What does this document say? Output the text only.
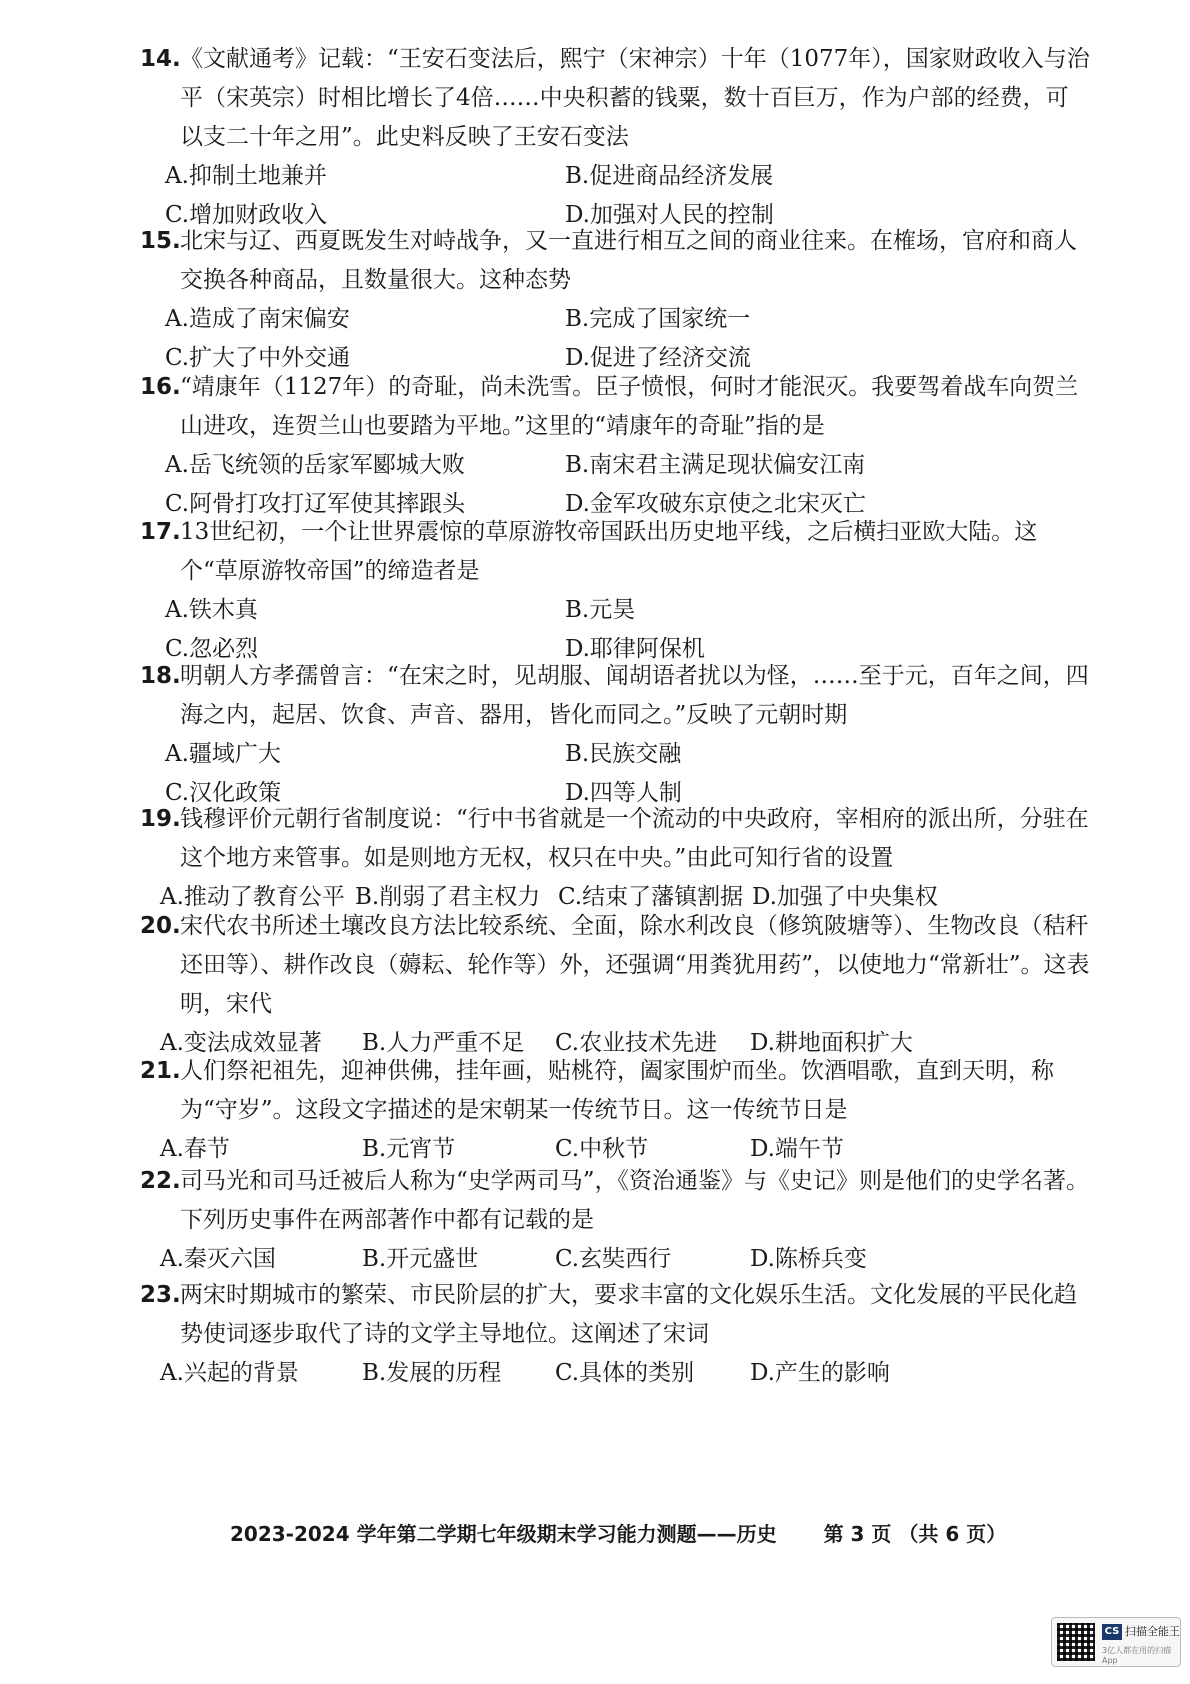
14.《文献通考》记载：“王安石变法后，熙宁（宋神宗）十年（1077年），国家财政收入与治平（宋英宗）时相比增长了4倍……中央积蓄的钱粟，数十百巨万，作为户部的经费，可以支二十年之用”。此史料反映了王安石变法
A.抑制土地兼并	B.促进商品经济发展
C.增加财政收入	D.加强对人民的控制
15.北宋与辽、西夏既发生对峙战争，又一直进行相互之间的商业往来。在榷场，官府和商人交换各种商品，且数量很大。这种态势
A.造成了南宋偏安	B.完成了国家统一
C.扩大了中外交通	D.促进了经济交流
16.“靖康年（1127年）的奇耻，尚未洗雪。臣子愤恨，何时才能泯灭。我要驾着战车向贺兰山进攻，连贺兰山也要踏为平地。”这里的“靖康年的奇耻”指的是
A.岳飞统领的岳家军郾城大败	B.南宋君主满足现状偏安江南
C.阿骨打攻打辽军使其摔跟头	D.金军攻破东京使之北宋灭亡
17.13世纪初，一个让世界震惊的草原游牧帝国跃出历史地平线，之后横扫亚欧大陆。这个“草原游牧帝国”的缔造者是
A.铁木真	B.元昊
C.忽必烈	D.耶律阿保机
18.明朝人方孝孺曾言：“在宋之时，见胡服、闻胡语者扰以为怪，……至于元，百年之间，四海之内，起居、饮食、声音、器用，皆化而同之。”反映了元朝时期
A.疆域广大	B.民族交融
C.汉化政策	D.四等人制
19.钱穆评价元朝行省制度说：“行中书省就是一个流动的中央政府，宰相府的派出所，分驻在这个地方来管事。如是则地方无权，权只在中央。”由此可知行省的设置
A.推动了教育公平 B.削弱了君主权力 C.结束了藩镇割据 D.加强了中央集权
20.宋代农书所述土壤改良方法比较系统、全面，除水利改良（修筑陂塘等）、生物改良（秸秆还田等）、耕作改良（薅耘、轮作等）外，还强调“用粪犹用药”，以使地力“常新壮”。这表明，宋代
A.变法成效显著 B.人力严重不足 C.农业技术先进 D.耕地面积扩大
21.人们祭祀祖先，迎神供佛，挂年画，贴桃符，阖家围炉而坐。饮酒唱歌，直到天明，称为“守岁”。这段文字描述的是宋朝某一传统节日。这一传统节日是
A.春节	B.元宵节	C.中秋节	D.端午节
22.司马光和司马迁被后人称为“史学两司马”，《资治通鉴》与《史记》则是他们的史学名著。下列历史事件在两部著作中都有记载的是
A.秦灭六国	B.开元盛世	C.玄奘西行	D.陈桥兵变
23.两宋时期城市的繁荣、市民阶层的扩大，要求丰富的文化娱乐生活。文化发展的平民化趋势使词逐步取代了诗的文学主导地位。这阐述了宋词
A.兴起的背景	B.发展的历程 C.具体的类别 D.产生的影响
2023-2024 学年第二学期七年级期末学习能力测题——历史 第 3 页 （共 6 页）
CS 扫描全能王
3亿人都在用的扫描App
